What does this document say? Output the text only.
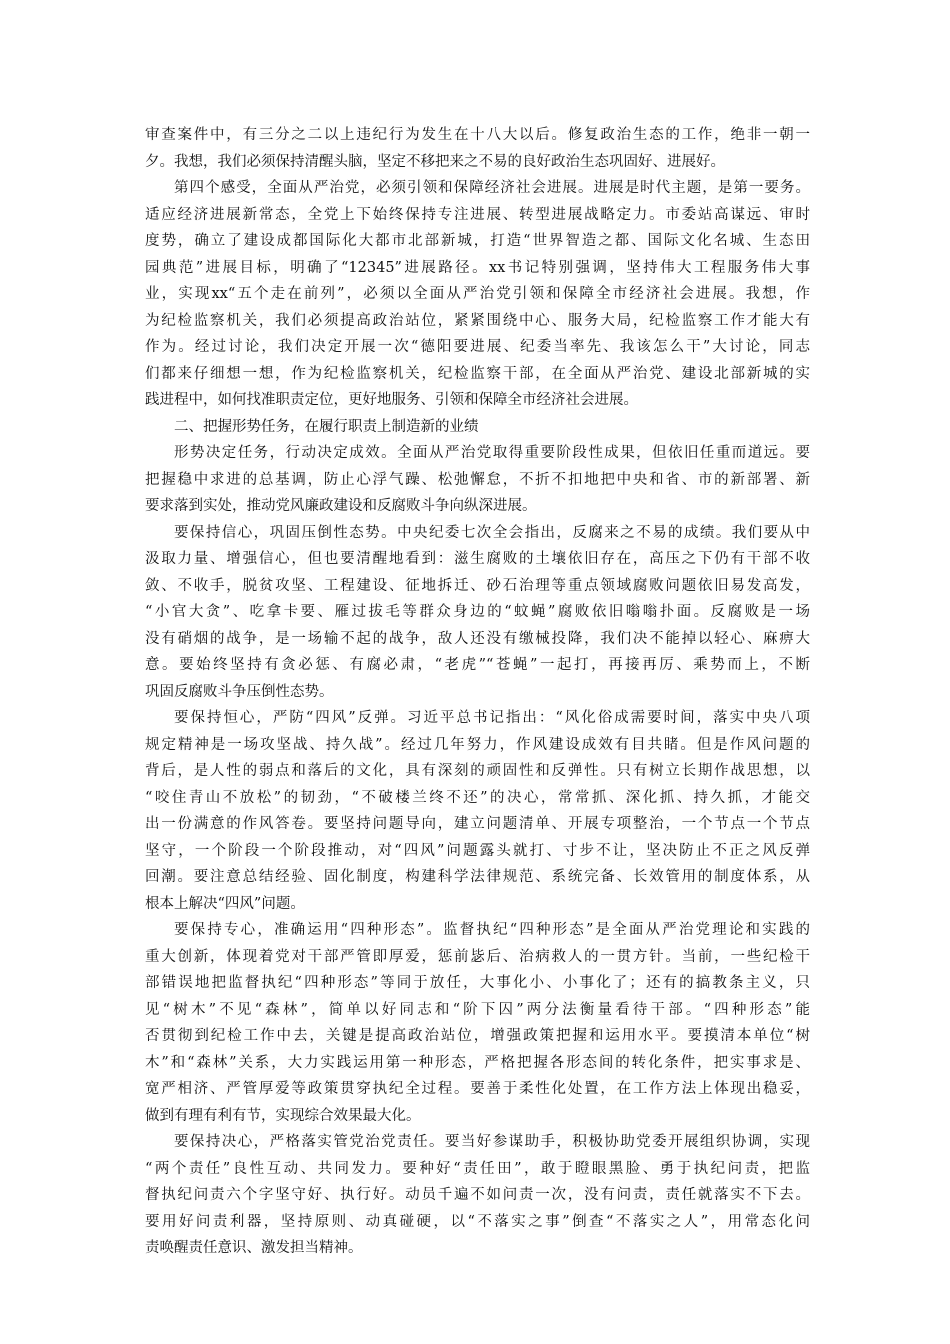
审查案件中，有三分之二以上违纪行为发生在十八大以后。修复政治生态的工作，绝非一朝一
夕。我想，我们必须保持清醒头脑，坚定不移把来之不易的良好政治生态巩固好、进展好。
第四个感受，全面从严治党，必须引领和保障经济社会进展。进展是时代主题，是第一要务。
适应经济进展新常态，全党上下始终保持专注进展、转型进展战略定力。市委站高谋远、审时
度势，确立了建设成都国际化大都市北部新城，打造“世界智造之都、国际文化名城、生态田
园典范”进展目标，明确了“12345”进展路径。xx书记特别强调，坚持伟大工程服务伟大事
业，实现xx“五个走在前列”，必须以全面从严治党引领和保障全市经济社会进展。我想，作
为纪检监察机关，我们必须提高政治站位，紧紧围绕中心、服务大局，纪检监察工作才能大有
作为。经过讨论，我们决定开展一次“德阳要进展、纪委当率先、我该怎么干”大讨论，同志
们都来仔细想一想，作为纪检监察机关，纪检监察干部，在全面从严治党、建设北部新城的实
践进程中，如何找准职责定位，更好地服务、引领和保障全市经济社会进展。
二、把握形势任务，在履行职责上制造新的业绩
形势决定任务，行动决定成效。全面从严治党取得重要阶段性成果，但依旧任重而道远。要
把握稳中求进的总基调，防止心浮气躁、松弛懈怠，不折不扣地把中央和省、市的新部署、新
要求落到实处，推动党风廉政建设和反腐败斗争向纵深进展。
要保持信心，巩固压倒性态势。中央纪委七次全会指出，反腐来之不易的成绩。我们要从中
汲取力量、增强信心，但也要清醒地看到：滋生腐败的土壤依旧存在，高压之下仍有干部不收
敛、不收手，脱贫攻坚、工程建设、征地拆迁、砂石治理等重点领域腐败问题依旧易发高发，
“小官大贪”、吃拿卡要、雁过拔毛等群众身边的“蚊蝇”腐败依旧嗡嗡扑面。反腐败是一场
没有硝烟的战争，是一场输不起的战争，敌人还没有缴械投降，我们决不能掉以轻心、麻痹大
意。要始终坚持有贪必惩、有腐必肃，“老虎”“苍蝇”一起打，再接再厉、乘势而上，不断
巩固反腐败斗争压倒性态势。
要保持恒心，严防“四风”反弹。习近平总书记指出：“风化俗成需要时间，落实中央八项
规定精神是一场攻坚战、持久战”。经过几年努力，作风建设成效有目共睹。但是作风问题的
背后，是人性的弱点和落后的文化，具有深刻的顽固性和反弹性。只有树立长期作战思想，以
“咬住青山不放松”的韧劲，“不破楼兰终不还”的决心，常常抓、深化抓、持久抓，才能交
出一份满意的作风答卷。要坚持问题导向，建立问题清单、开展专项整治，一个节点一个节点
坚守，一个阶段一个阶段推动，对“四风”问题露头就打、寸步不让，坚决防止不正之风反弹
回潮。要注意总结经验、固化制度，构建科学法律规范、系统完备、长效管用的制度体系，从
根本上解决“四风”问题。
要保持专心，准确运用“四种形态”。监督执纪“四种形态”是全面从严治党理论和实践的
重大创新，体现着党对干部严管即厚爱，惩前毖后、治病救人的一贯方针。当前，一些纪检干
部错误地把监督执纪“四种形态”等同于放任，大事化小、小事化了；还有的搞教条主义，只
见“树木”不见“森林”，简单以好同志和“阶下囚”两分法衡量看待干部。“四种形态”能
否贯彻到纪检工作中去，关键是提高政治站位，增强政策把握和运用水平。要摸清本单位“树
木”和“森林”关系，大力实践运用第一种形态，严格把握各形态间的转化条件，把实事求是、
宽严相济、严管厚爱等政策贯穿执纪全过程。要善于柔性化处置，在工作方法上体现出稳妥，
做到有理有利有节，实现综合效果最大化。
要保持决心，严格落实管党治党责任。要当好参谋助手，积极协助党委开展组织协调，实现
“两个责任”良性互动、共同发力。要种好“责任田”，敢于瞪眼黑脸、勇于执纪问责，把监
督执纪问责六个字坚守好、执行好。动员千遍不如问责一次，没有问责，责任就落实不下去。
要用好问责利器，坚持原则、动真碰硬，以“不落实之事”倒查“不落实之人”，用常态化问
责唤醒责任意识、激发担当精神。
